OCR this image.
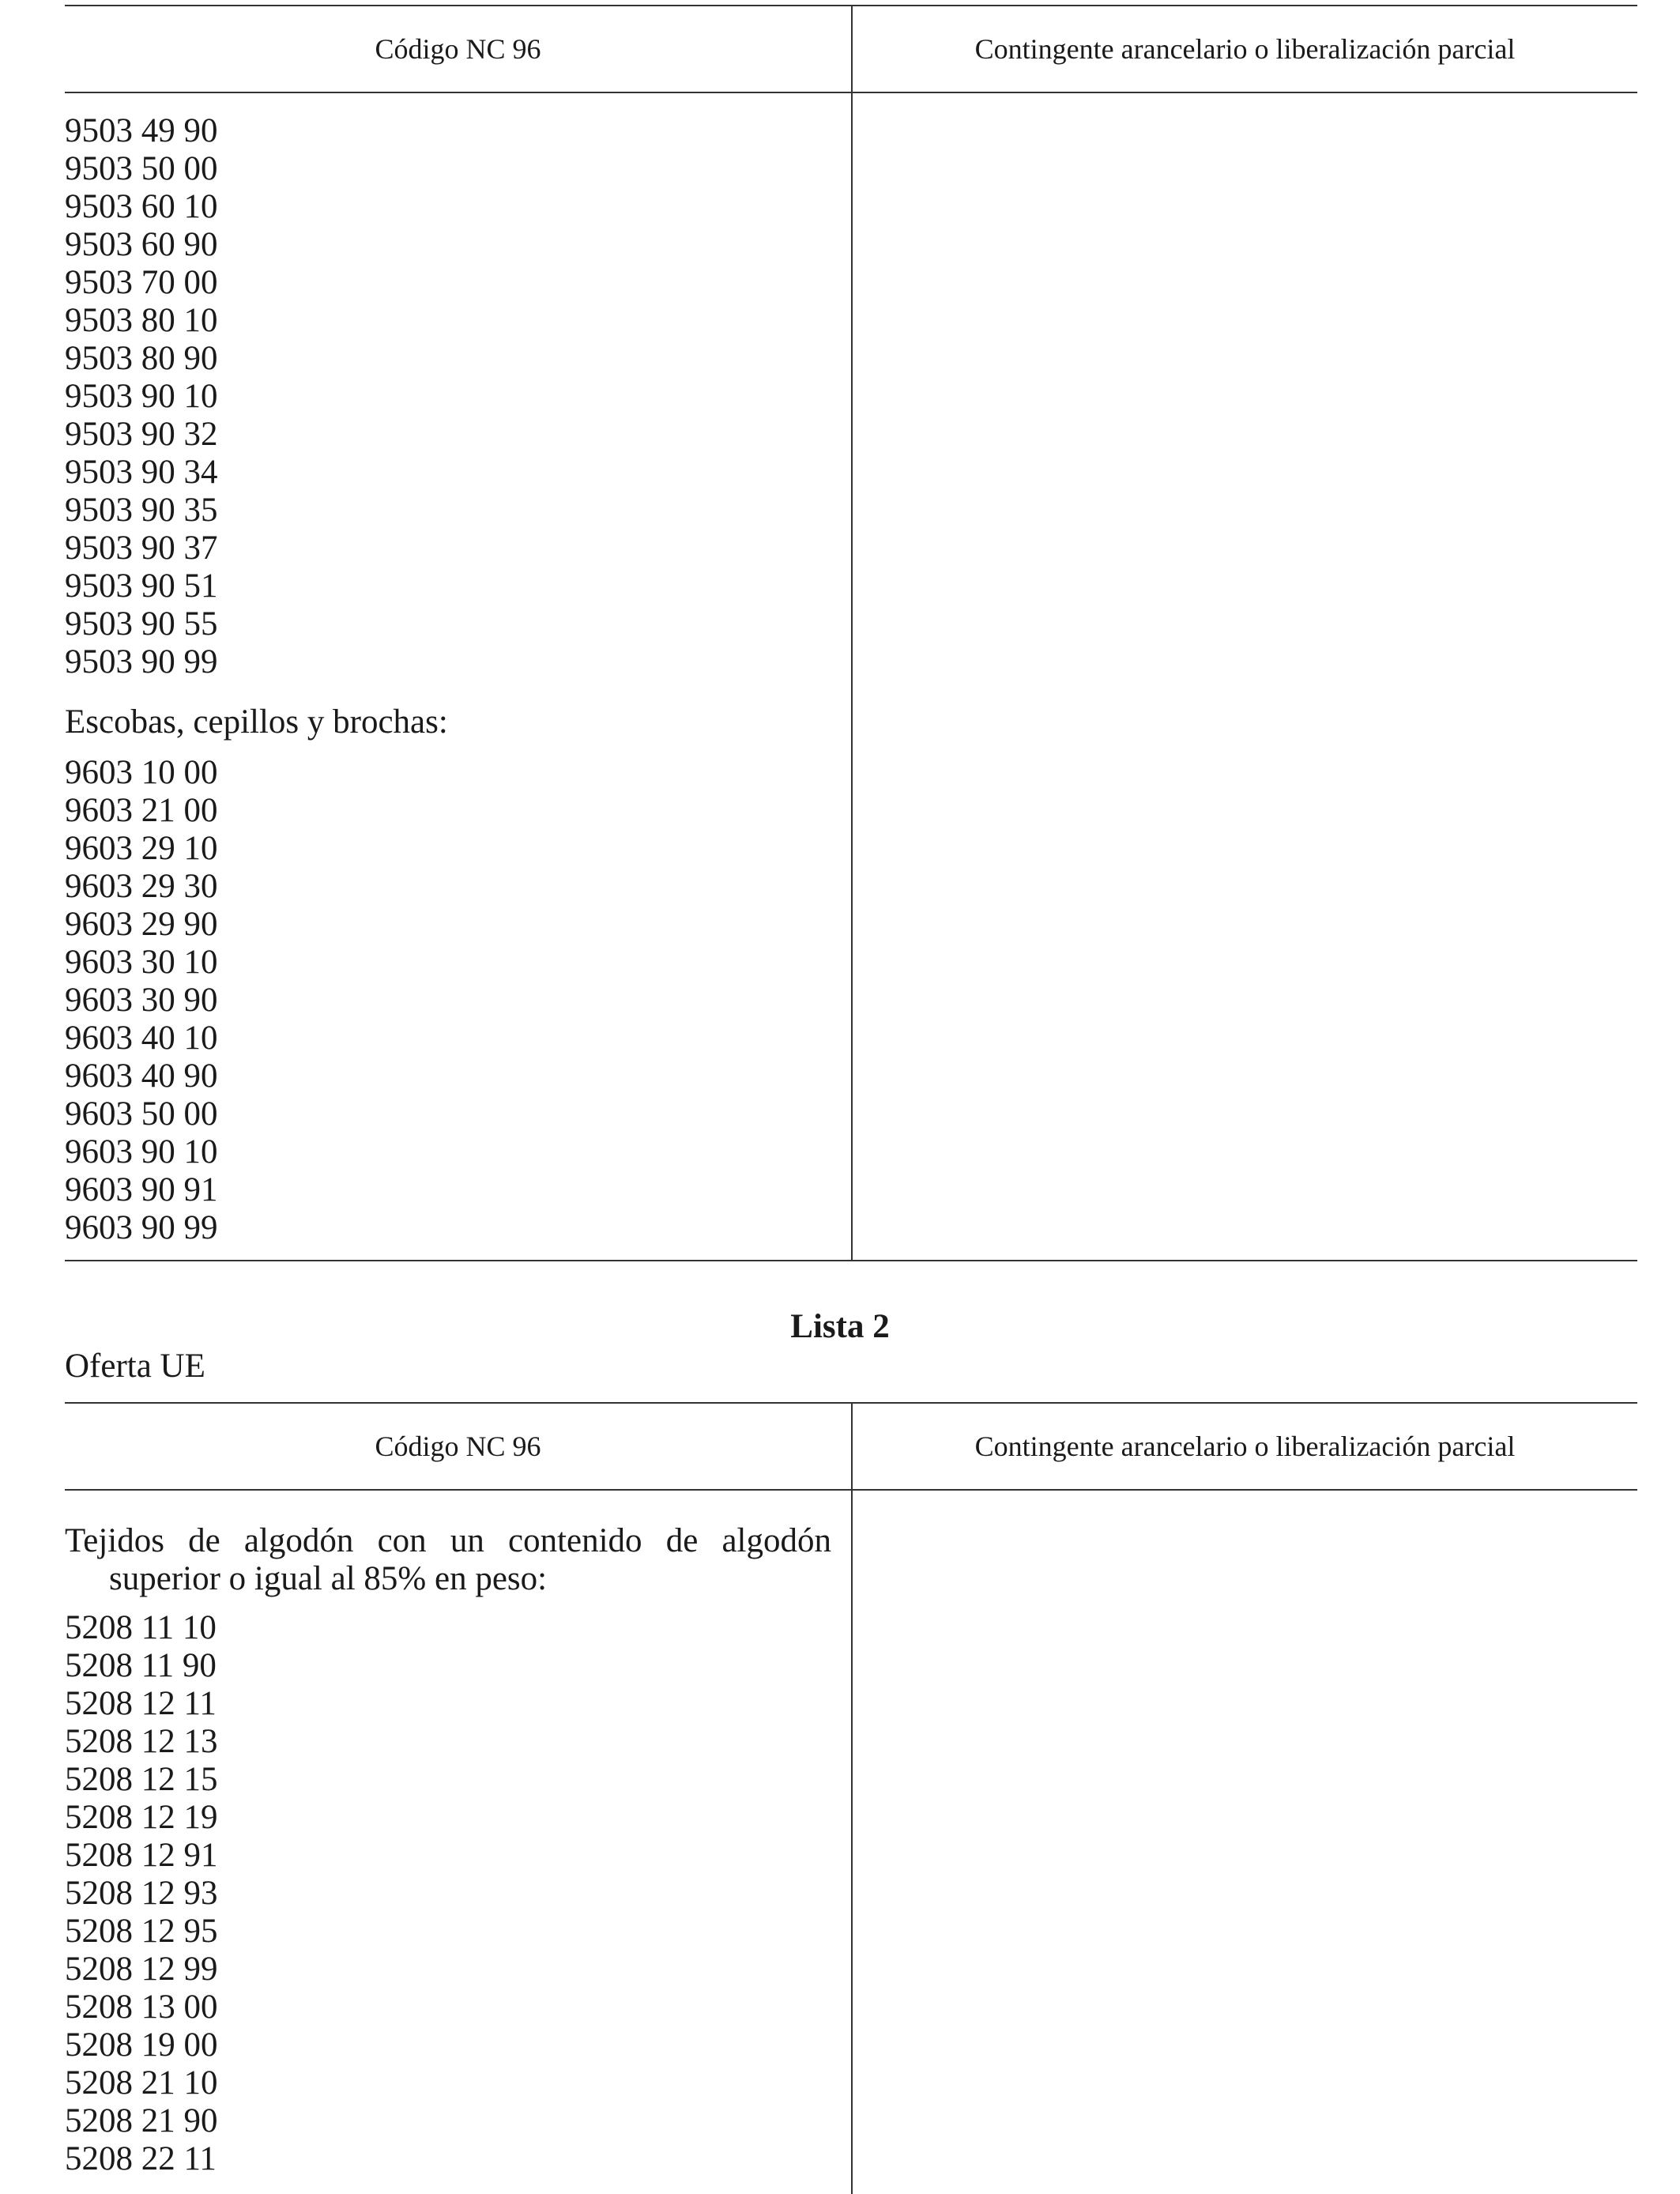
Código NC 96	Contingente arancelario o liberalización parcial
9503 49 90
9503 50 00
9503 60 10
9503 60 90
9503 70 00
9503 80 10
9503 80 90
9503 90 10
9503 90 32
9503 90 34
9503 90 35
9503 90 37
9503 90 51
9503 90 55
9503 90 99
Escobas, cepillos y brochas:
9603 10 00
9603 21 00
9603 29 10
9603 29 30
9603 29 90
9603 30 10
9603 30 90
9603 40 10
9603 40 90
9603 50 00
9603 90 10
9603 90 91
9603 90 99
Lista 2
Oferta UE
Código NC 96	Contingente arancelario o liberalización parcial
Tejidos de algodón con un contenido de algodón superior o igual al 85% en peso:
5208 11 10
5208 11 90
5208 12 11
5208 12 13
5208 12 15
5208 12 19
5208 12 91
5208 12 93
5208 12 95
5208 12 99
5208 13 00
5208 19 00
5208 21 10
5208 21 90
5208 22 11
